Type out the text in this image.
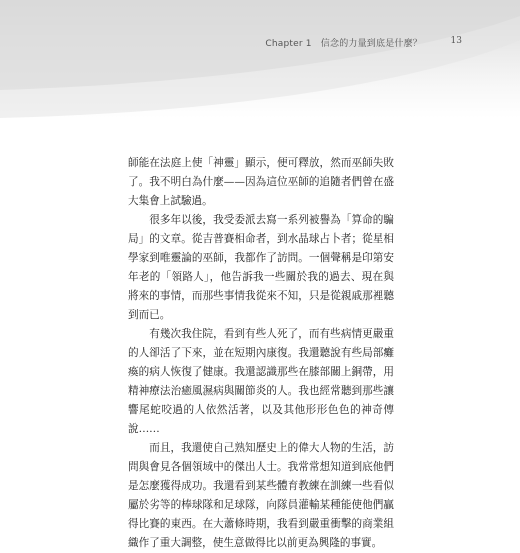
Chapter 1 信念的力量到底是什麼？	13

師能在法庭上使「神靈」顯示，便可釋放，然而巫師失敗了。我不明白為什麼——因為這位巫師的追隨者們曾在盛大集會上試驗過。

很多年以後，我受委派去寫一系列被譽為「算命的騙局」的文章。從吉普賽相命者，到水晶球占卜者；從星相學家到唯靈論的巫師，我都作了訪問。一個聲稱是印第安年老的「領路人」，他告訴我一些關於我的過去、現在與將來的事情，而那些事情我從來不知，只是從親戚那裡聽到而已。

有幾次我住院，看到有些人死了，而有些病情更嚴重的人卻活了下來，並在短期內康復。我還聽說有些局部癱瘓的病人恢復了健康。我還認識那些在膝部關上銅帶，用精神療法治癒風濕病與關節炎的人。我也經常聽到那些讓響尾蛇咬過的人依然活著，以及其他形形色色的神奇傳說……

而且，我還使自己熟知歷史上的偉大人物的生活，訪問與會見各個領域中的傑出人士。我常常想知道到底他們是怎麼獲得成功。我還看到某些體育教練在訓練一些看似屬於劣等的棒球隊和足球隊，向隊員灌輸某種能使他們贏得比賽的東西。在大蕭條時期，我看到嚴重衝擊的商業組織作了重大調整，使生意做得比以前更為興隆的事實。
